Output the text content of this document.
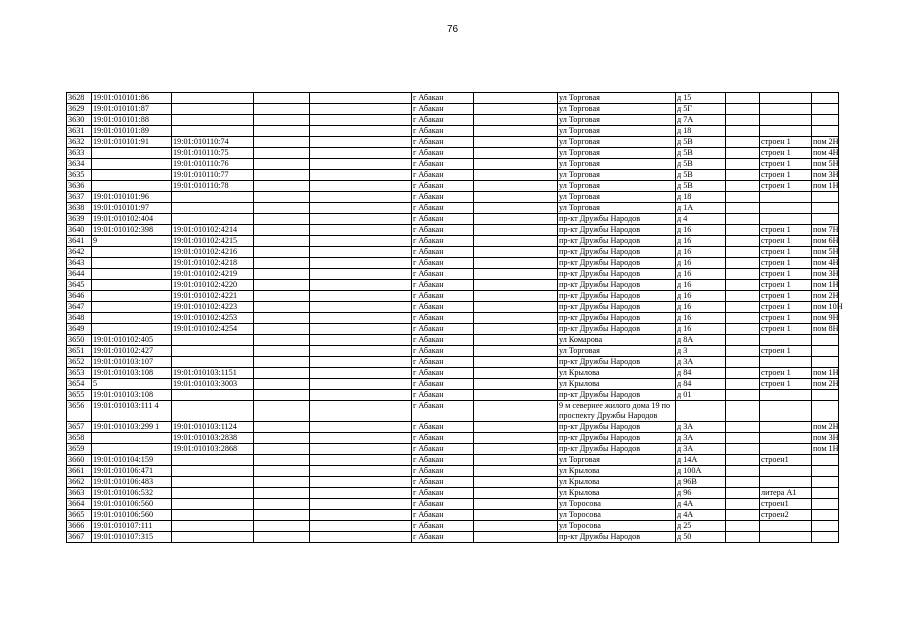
76
3628	19:01:010101:86				г Абакан		ул Торговая	д 15			
3629	19:01:010101:87				г Абакан		ул Торговая	д 5Г			
3630	19:01:010101:88				г Абакан		ул Торговая	д 7А			
3631	19:01:010101:89				г Абакан		ул Торговая	д 18			
3632	19:01:010101:91	19:01:010110:74			г Абакан		ул Торговая	д 5В		строен 1	пом 2Н
3633		19:01:010110:75			г Абакан		ул Торговая	д 5В		строен 1	пом 4Н
3634		19:01:010110:76			г Абакан		ул Торговая	д 5В		строен 1	пом 5Н
3635		19:01:010110:77			г Абакан		ул Торговая	д 5В		строен 1	пом 3Н
3636		19:01:010110:78			г Абакан		ул Торговая	д 5В		строен 1	пом 1Н
3637	19:01:010101:96				г Абакан		ул Торговая	д 18			
3638	19:01:010101:97				г Абакан		ул Торговая	д 1А			
3639	19:01:010102:404				г Абакан		пр-кт Дружбы Народов	д 4			
3640	19:01:010102:398	19:01:010102:4214			г Абакан		пр-кт Дружбы Народов	д 16		строен 1	пом 7Н
3641	9	19:01:010102:4215			г Абакан		пр-кт Дружбы Народов	д 16		строен 1	пом 6Н
3642		19:01:010102:4216			г Абакан		пр-кт Дружбы Народов	д 16		строен 1	пом 5Н
3643		19:01:010102:4218			г Абакан		пр-кт Дружбы Народов	д 16		строен 1	пом 4Н
3644		19:01:010102:4219			г Абакан		пр-кт Дружбы Народов	д 16		строен 1	пом 3Н
3645		19:01:010102:4220			г Абакан		пр-кт Дружбы Народов	д 16		строен 1	пом 1Н
3646		19:01:010102:4221			г Абакан		пр-кт Дружбы Народов	д 16		строен 1	пом 2Н
3647		19:01:010102:4223			г Абакан		пр-кт Дружбы Народов	д 16		строен 1	пом 10Н
3648		19:01:010102:4253			г Абакан		пр-кт Дружбы Народов	д 16		строен 1	пом 9Н
3649		19:01:010102:4254			г Абакан		пр-кт Дружбы Народов	д 16		строен 1	пом 8Н
3650	19:01:010102:405				г Абакан		ул Комарова	д 8А			
3651	19:01:010102:427				г Абакан		ул Торговая	д 3		строен 1	
3652	19:01:010103:107				г Абакан		пр-кт Дружбы Народов	д 3А			
3653	19:01:010103:108	19:01:010103:1151			г Абакан		ул Крылова	д 84		строен 1	пом 1Н
3654	5	19:01:010103:3003			г Абакан		ул Крылова	д 84		строен 1	пом 2Н
3655	19:01:010103:108				г Абакан		пр-кт Дружбы Народов	д 01			
3656	19:01:010103:111 4				г Абакан		9 м севернее жилого дома 19 по проспекту Дружбы Народов				
3657	19:01:010103:299 1	19:01:010103:1124			г Абакан		пр-кт Дружбы Народов	д 3А			пом 2Н
3658		19:01:010103:2838			г Абакан		пр-кт Дружбы Народов	д 3А			пом 3Н
3659		19:01:010103:2868			г Абакан		пр-кт Дружбы Народов	д 3А			пом 1Н
3660	19:01:010104:159				г Абакан		ул Торговая	д 14А		строен1	
3661	19:01:010106:471				г Абакан		ул Крылова	д 100А			
3662	19:01:010106:483				г Абакан		ул Крылова	д 96В			
3663	19:01:010106:532				г Абакан		ул Крылова	д 96		литера А1	
3664	19:01:010106:560				г Абакан		ул Торосова	д 4А		строен1	
3665	19:01:010106:560				г Абакан		ул Торосова	д 4А		строен2	
3666	19:01:010107:111				г Абакан		ул Торосова	д 25			
3667	19:01:010107:315				г Абакан		пр-кт Дружбы Народов	д 50			
